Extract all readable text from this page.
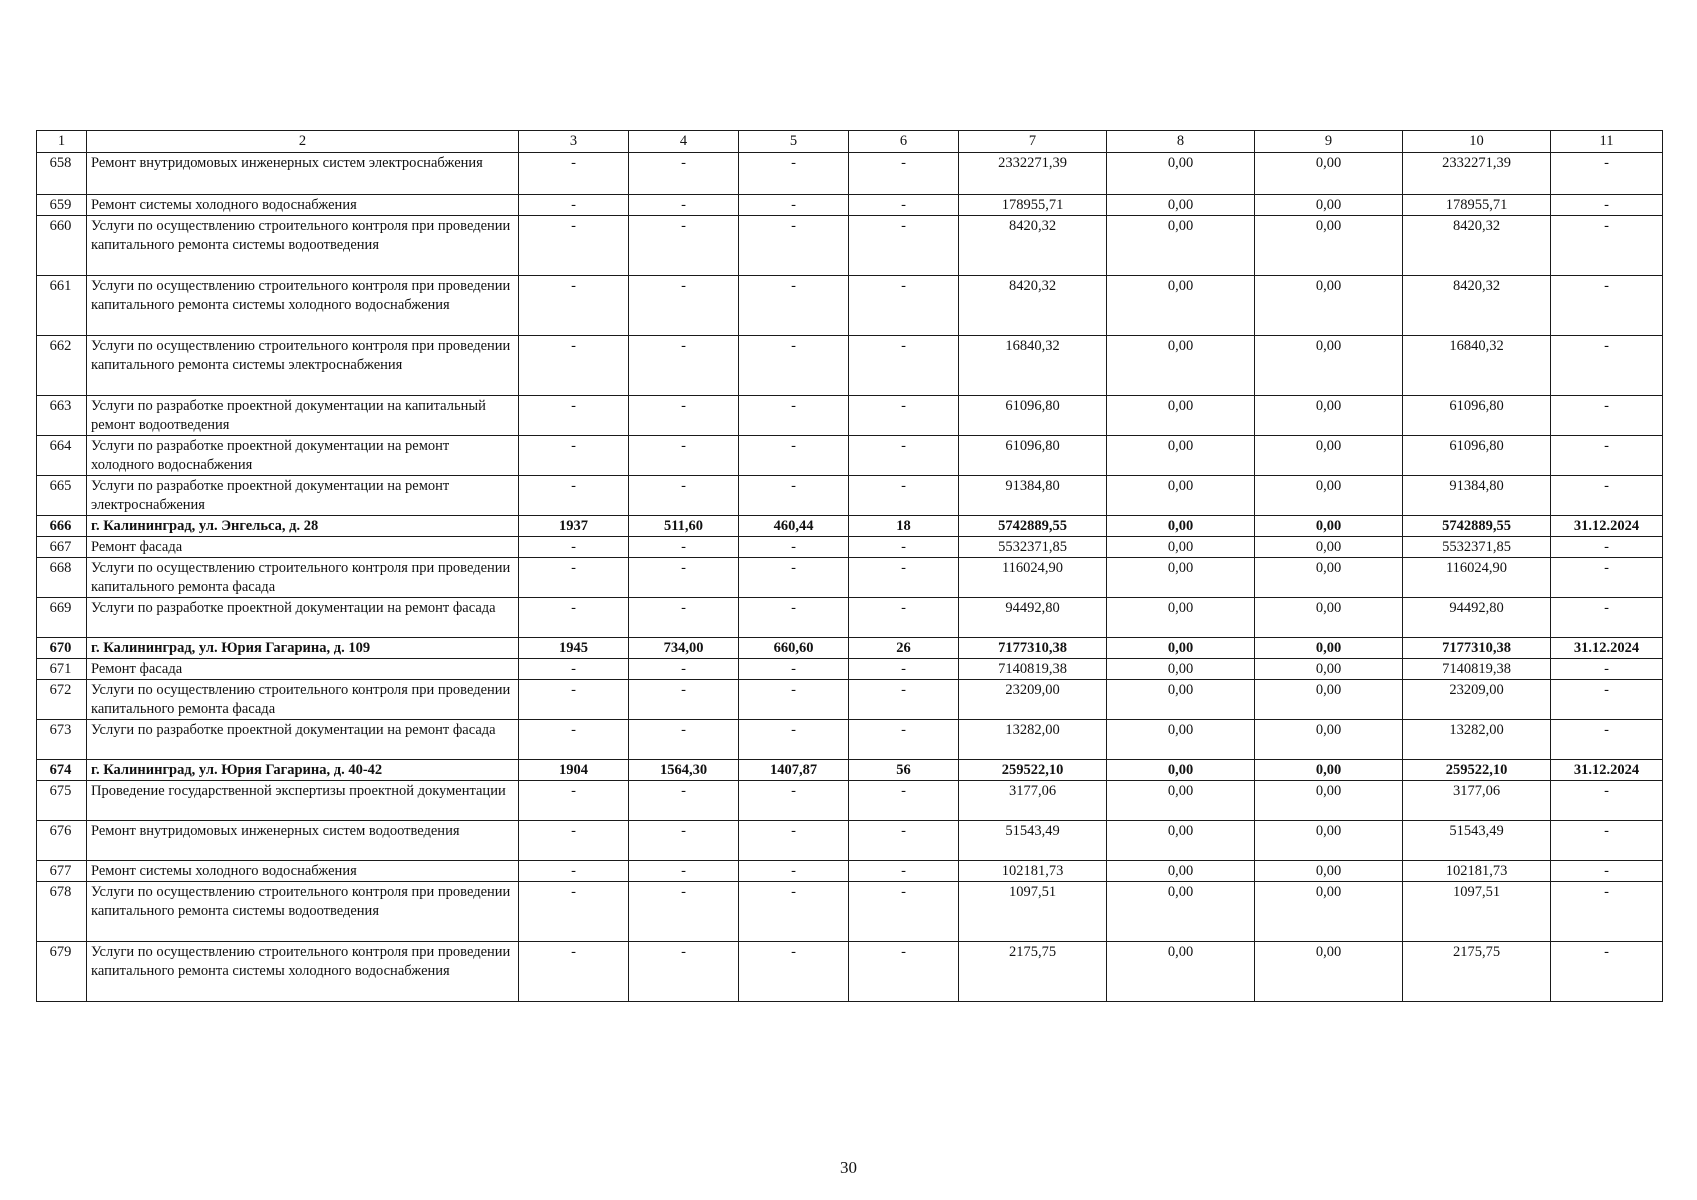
1	2	3	4	5	6	7	8	9	10	11
658	Ремонт внутридомовых инженерных систем электроснабжения	-	-	-	-	2332271,39	0,00	0,00	2332271,39	-
659	Ремонт системы холодного водоснабжения	-	-	-	-	178955,71	0,00	0,00	178955,71	-
660	Услуги по осуществлению строительного контроля при проведении капитального ремонта системы водоотведения	-	-	-	-	8420,32	0,00	0,00	8420,32	-
661	Услуги по осуществлению строительного контроля при проведении капитального ремонта системы холодного водоснабжения	-	-	-	-	8420,32	0,00	0,00	8420,32	-
662	Услуги по осуществлению строительного контроля при проведении капитального ремонта системы электроснабжения	-	-	-	-	16840,32	0,00	0,00	16840,32	-
663	Услуги по разработке проектной документации на капитальный ремонт водоотведения	-	-	-	-	61096,80	0,00	0,00	61096,80	-
664	Услуги по разработке проектной документации на ремонт холодного водоснабжения	-	-	-	-	61096,80	0,00	0,00	61096,80	-
665	Услуги по разработке проектной документации на ремонт электроснабжения	-	-	-	-	91384,80	0,00	0,00	91384,80	-
666	г. Калининград, ул. Энгельса, д. 28	1937	511,60	460,44	18	5742889,55	0,00	0,00	5742889,55	31.12.2024
667	Ремонт фасада	-	-	-	-	5532371,85	0,00	0,00	5532371,85	-
668	Услуги по осуществлению строительного контроля при проведении капитального ремонта фасада	-	-	-	-	116024,90	0,00	0,00	116024,90	-
669	Услуги по разработке проектной документации на ремонт фасада	-	-	-	-	94492,80	0,00	0,00	94492,80	-
670	г. Калининград, ул. Юрия Гагарина, д. 109	1945	734,00	660,60	26	7177310,38	0,00	0,00	7177310,38	31.12.2024
671	Ремонт фасада	-	-	-	-	7140819,38	0,00	0,00	7140819,38	-
672	Услуги по осуществлению строительного контроля при проведении капитального ремонта фасада	-	-	-	-	23209,00	0,00	0,00	23209,00	-
673	Услуги по разработке проектной документации на ремонт фасада	-	-	-	-	13282,00	0,00	0,00	13282,00	-
674	г. Калининград, ул. Юрия Гагарина, д. 40-42	1904	1564,30	1407,87	56	259522,10	0,00	0,00	259522,10	31.12.2024
675	Проведение государственной экспертизы проектной документации	-	-	-	-	3177,06	0,00	0,00	3177,06	-
676	Ремонт внутридомовых инженерных систем водоотведения	-	-	-	-	51543,49	0,00	0,00	51543,49	-
677	Ремонт системы холодного водоснабжения	-	-	-	-	102181,73	0,00	0,00	102181,73	-
678	Услуги по осуществлению строительного контроля при проведении капитального ремонта системы водоотведения	-	-	-	-	1097,51	0,00	0,00	1097,51	-
679	Услуги по осуществлению строительного контроля при проведении капитального ремонта системы холодного водоснабжения	-	-	-	-	2175,75	0,00	0,00	2175,75	-
30
